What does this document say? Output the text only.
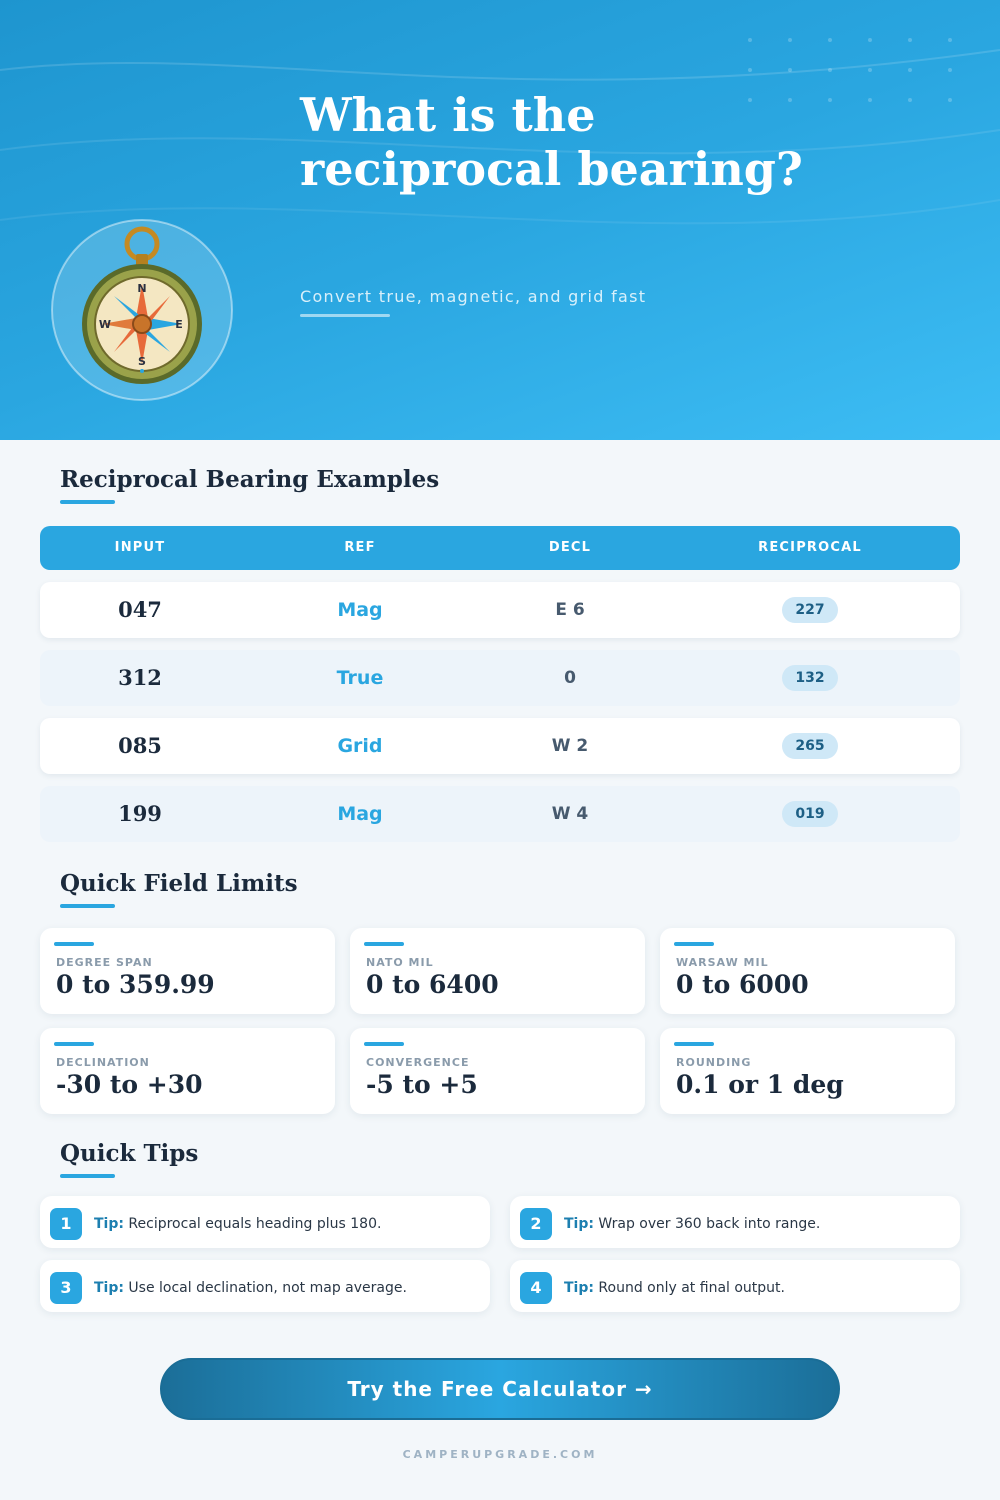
N
E
S
W
What is the reciprocal bearing?

Convert true, magnetic, and grid fast

Reciprocal Bearing Examples
INPUT	REF	DECL	RECIPROCAL
047	Mag	E 6	227
312	True	0	132
085	Grid	W 2	265
199	Mag	W 4	019
Quick Field Limits
DEGREE SPAN
0 to 359.99
NATO MIL
0 to 6400
WARSAW MIL
0 to 6000
DECLINATION
-30 to +30
CONVERGENCE
-5 to +5
ROUNDING
0.1 or 1 deg
Quick Tips
1	Tip: Reciprocal equals heading plus 180.	2	Tip: Wrap over 360 back into range.
3	Tip: Use local declination, not map average.	4	Tip: Round only at final output.
Try the Free Calculator →
CAMPERUPGRADE.COM
